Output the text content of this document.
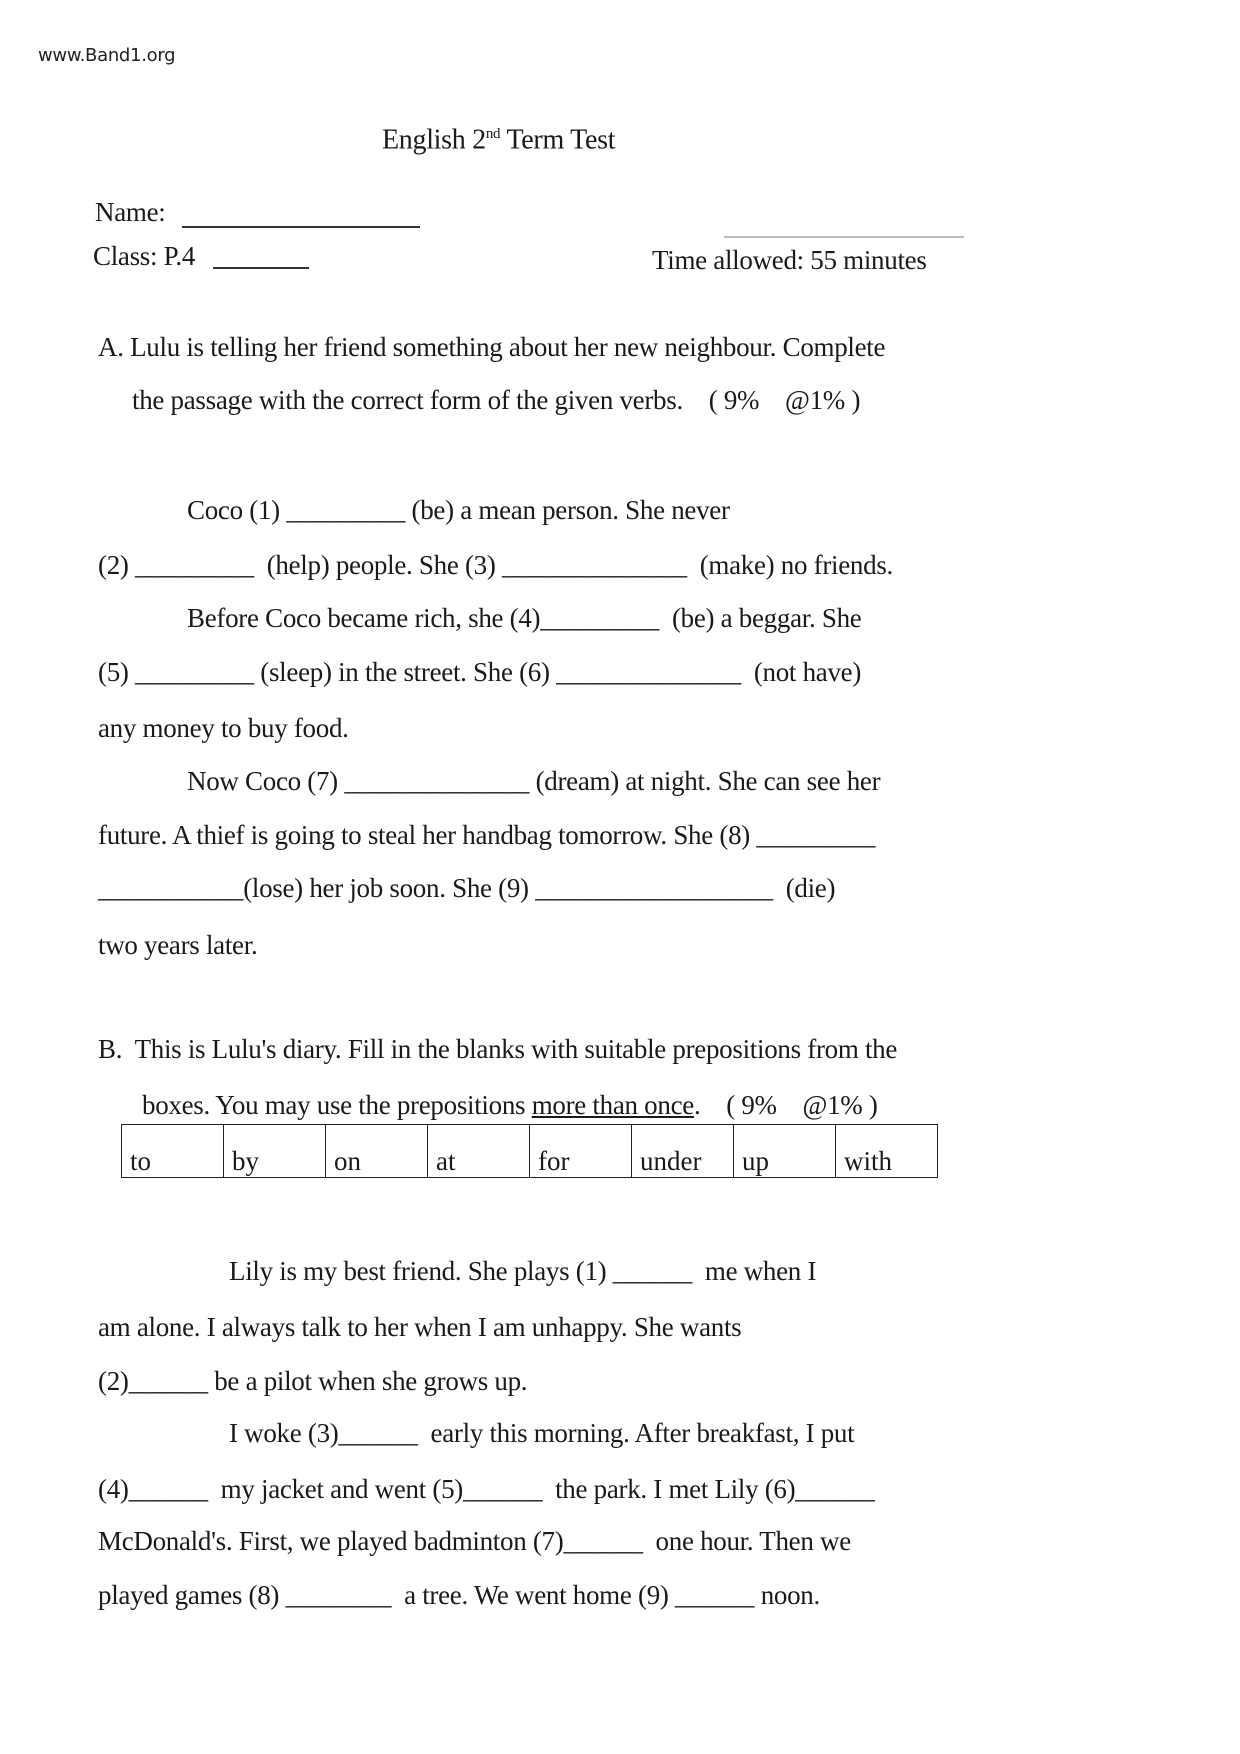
www.Band1.org
English 2nd Term Test
Name:
Class: P.4	Time allowed: 55 minutes
A. Lulu is telling her friend something about her new neighbour. Complete
the passage with the correct form of the given verbs.    ( 9%    @1% )
Coco (1) _________ (be) a mean person. She never
(2) _________  (help) people. She (3) ______________  (make) no friends.
Before Coco became rich, she (4)_________  (be) a beggar. She
(5) _________ (sleep) in the street. She (6) ______________  (not have)
any money to buy food.
Now Coco (7) ______________ (dream) at night. She can see her
future. A thief is going to steal her handbag tomorrow. She (8) _________
___________(lose) her job soon. She (9) __________________  (die)
two years later.
B.  This is Lulu's diary. Fill in the blanks with suitable prepositions from the
boxes. You may use the prepositions more than once.    ( 9%    @1% )
to	by	on	at	for	under	up	with
Lily is my best friend. She plays (1) ______  me when I
am alone. I always talk to her when I am unhappy. She wants
(2)______ be a pilot when she grows up.
I woke (3)______  early this morning. After breakfast, I put
(4)______  my jacket and went (5)______  the park. I met Lily (6)______
McDonald's. First, we played badminton (7)______  one hour. Then we
played games (8) ________  a tree. We went home (9) ______ noon.
